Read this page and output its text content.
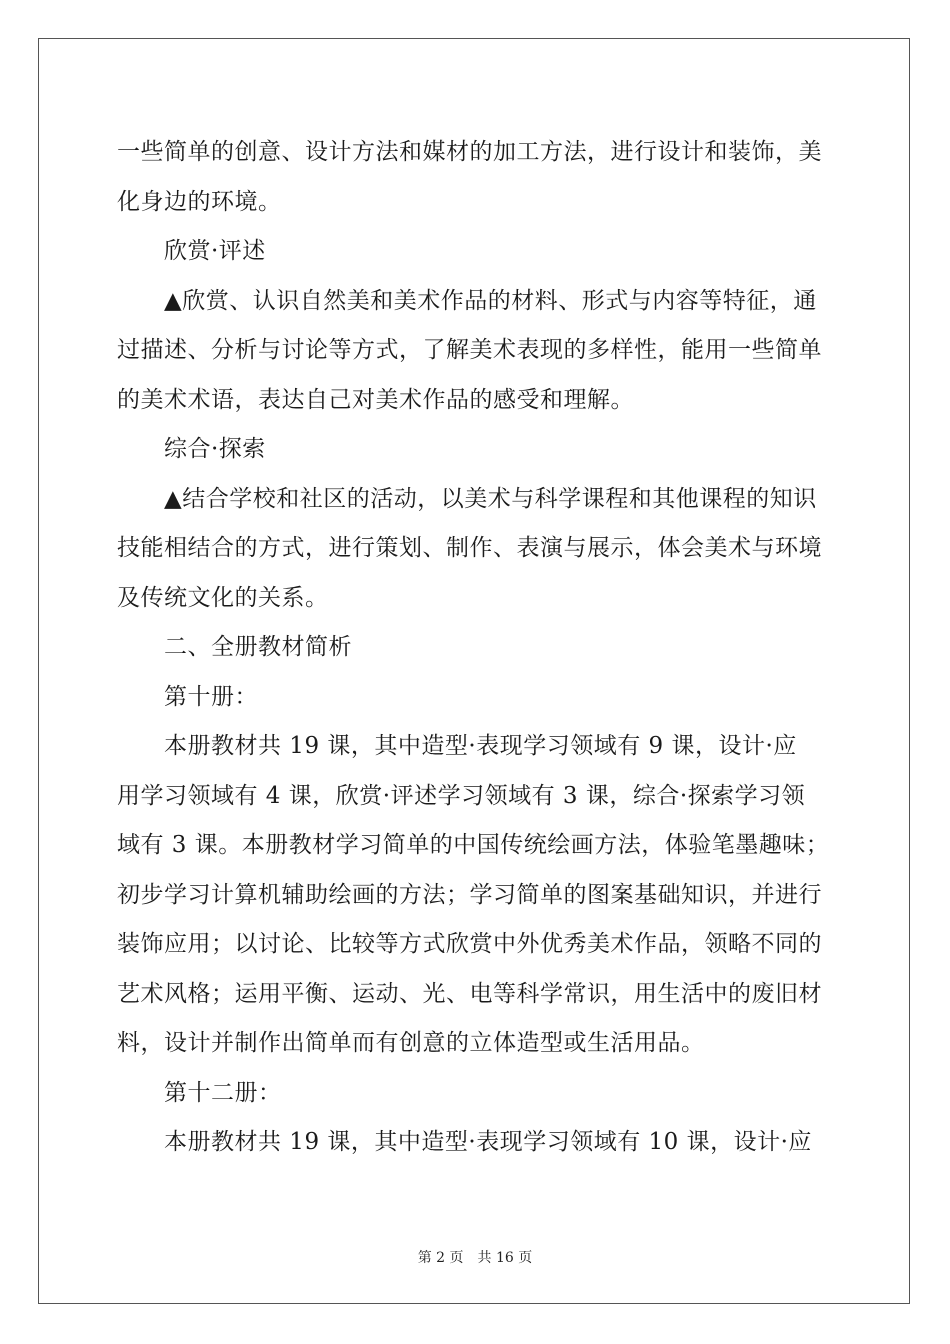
一些简单的创意、设计方法和媒材的加工方法，进行设计和装饰，美
化身边的环境。
欣赏·评述
▲欣赏、认识自然美和美术作品的材料、形式与内容等特征，通
过描述、分析与讨论等方式，了解美术表现的多样性，能用一些简单
的美术术语，表达自己对美术作品的感受和理解。
综合·探索
▲结合学校和社区的活动，以美术与科学课程和其他课程的知识
技能相结合的方式，进行策划、制作、表演与展示，体会美术与环境
及传统文化的关系。
二、全册教材简析
第十册：
本册教材共 19 课，其中造型·表现学习领域有 9 课，设计·应
用学习领域有 4 课，欣赏·评述学习领域有 3 课，综合·探索学习领
域有 3 课。本册教材学习简单的中国传统绘画方法，体验笔墨趣味；
初步学习计算机辅助绘画的方法；学习简单的图案基础知识，并进行
装饰应用；以讨论、比较等方式欣赏中外优秀美术作品，领略不同的
艺术风格；运用平衡、运动、光、电等科学常识，用生活中的废旧材
料，设计并制作出简单而有创意的立体造型或生活用品。
第十二册：
本册教材共 19 课，其中造型·表现学习领域有 10 课，设计·应
第 2 页　共 16 页
